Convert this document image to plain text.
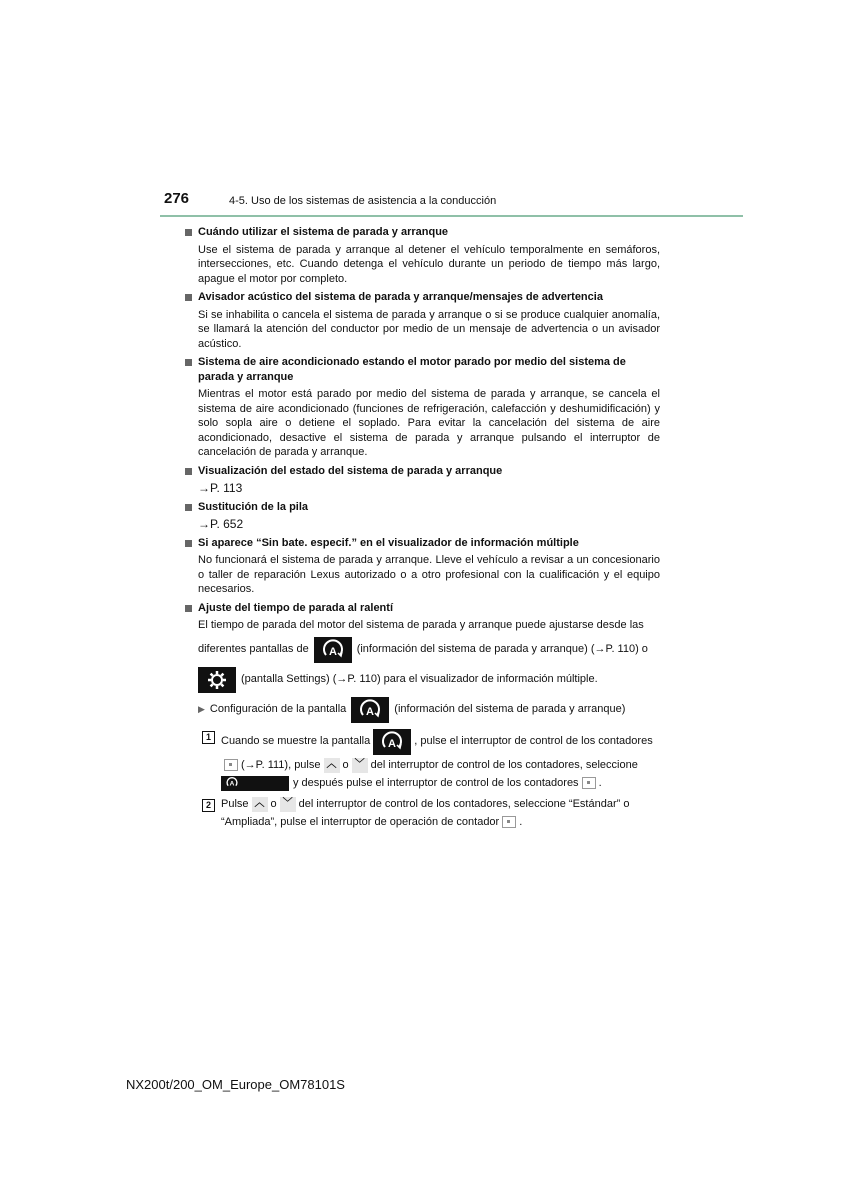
276	4-5. Uso de los sistemas de asistencia a la conducción
Cuándo utilizar el sistema de parada y arranque
Use el sistema de parada y arranque al detener el vehículo temporalmente en semáforos, intersecciones, etc. Cuando detenga el vehículo durante un periodo de tiempo más largo, apague el motor por completo.
Avisador acústico del sistema de parada y arranque/mensajes de advertencia
Si se inhabilita o cancela el sistema de parada y arranque o si se produce cualquier anomalía, se llamará la atención del conductor por medio de un mensaje de advertencia o un avisador acústico.
Sistema de aire acondicionado estando el motor parado por medio del sistema de parada y arranque
Mientras el motor está parado por medio del sistema de parada y arranque, se cancela el sistema de aire acondicionado (funciones de refrigeración, calefacción y deshumidificación) y solo sopla aire o detiene el soplado. Para evitar la cancelación del sistema de aire acondicionado, desactive el sistema de parada y arranque pulsando el interruptor de cancelación de parada y arranque.
Visualización del estado del sistema de parada y arranque
→P. 113
Sustitución de la pila
→P. 652
Si aparece “Sin bate. especif.” en el visualizador de información múltiple
No funcionará el sistema de parada y arranque. Lleve el vehículo a revisar a un concesionario o taller de reparación Lexus autorizado o a otro profesional con la cualificación y el equipo necesarios.
Ajuste del tiempo de parada al ralentí
El tiempo de parada del motor del sistema de parada y arranque puede ajustarse desde las
diferentes pantallas de A (información del sistema de parada y arranque) (→P. 110) o
(pantalla Settings) (→P. 110) para el visualizador de información múltiple.
▶ Configuración de la pantalla A (información del sistema de parada y arranque)
1 Cuando se muestre la pantalla A , pulse el interruptor de control de los contadores
(→P. 111), pulse ︿ o ﹀ del interruptor de control de los contadores, seleccione
A	y después pulse el interruptor de control de los contadores .
2 Pulse ︿ o ﹀ del interruptor de control de los contadores, seleccione “Estándar” o
“Ampliada”, pulse el interruptor de operación de contador .
NX200t/200_OM_Europe_OM78101S
